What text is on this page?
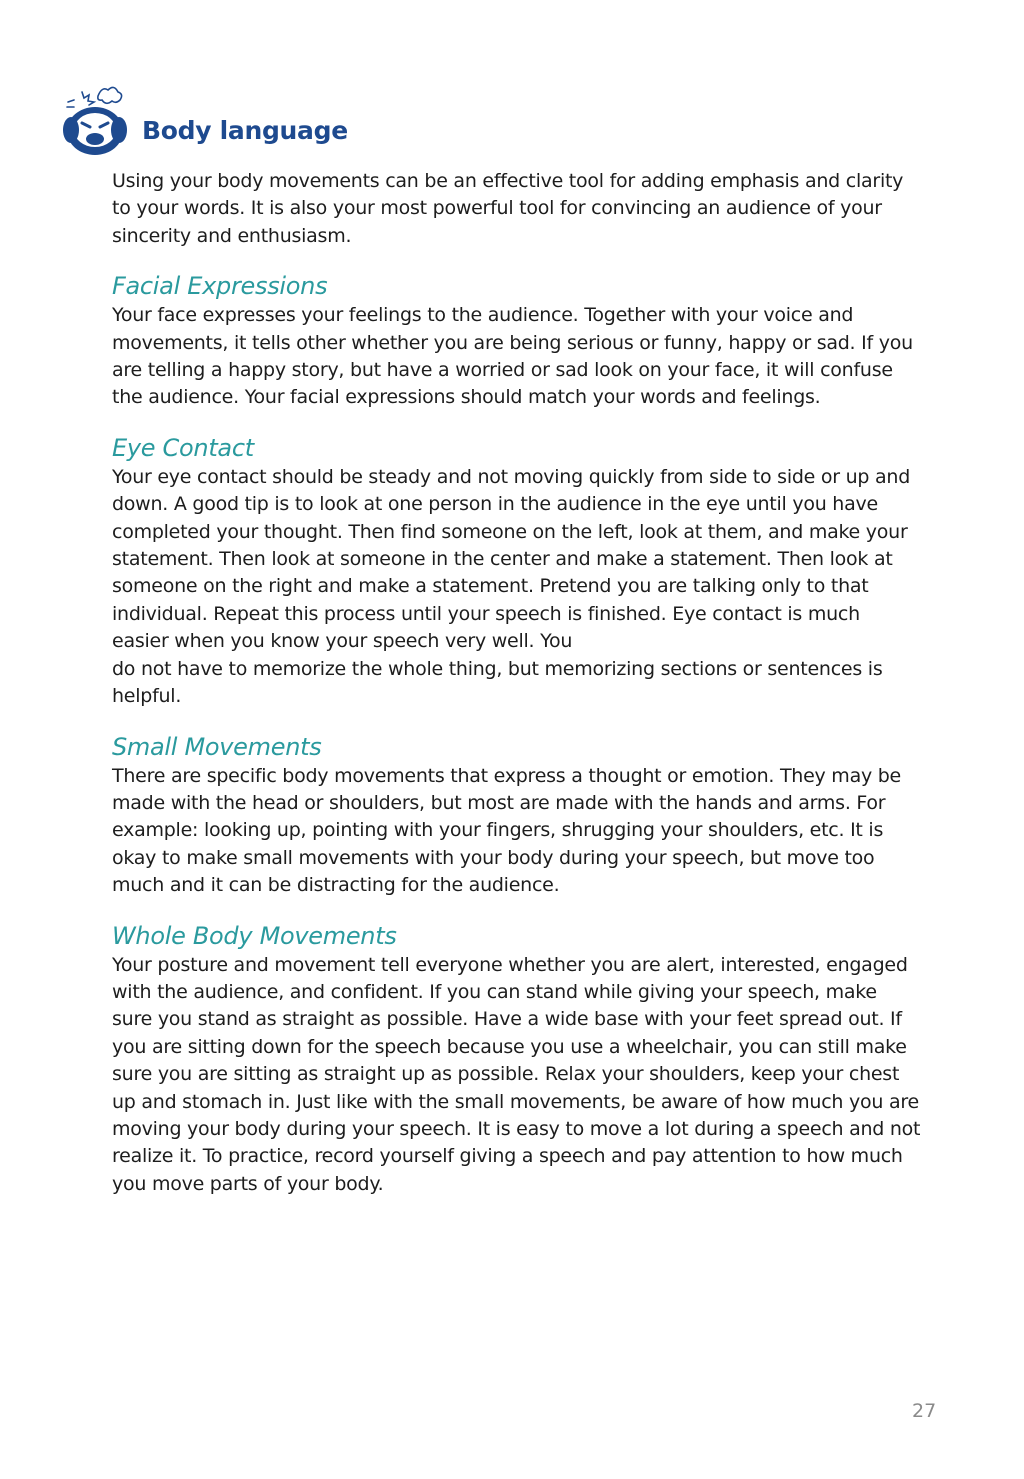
Body language

Using your body movements can be an effective tool for adding emphasis and clarity to your words. It is also your most powerful tool for convincing an audience of your sincerity and enthusiasm.

Facial Expressions

Your face expresses your feelings to the audience. Together with your voice and movements, it tells other whether you are being serious or funny, happy or sad. If you are telling a happy story, but have a worried or sad look on your face, it will confuse the audience. Your facial expressions should match your words and feelings.

Eye Contact

Your eye contact should be steady and not moving quickly from side to side or up and down. A good tip is to look at one person in the audience in the eye until you have completed your thought. Then find someone on the left, look at them, and make your statement. Then look at someone in the center and make a statement. Then look at someone on the right and make a statement. Pretend you are talking only to that individual. Repeat this process until your speech is finished. Eye contact is much easier when you know your speech very well. You

do not have to memorize the whole thing, but memorizing sections or sentences is helpful.

Small Movements

There are specific body movements that express a thought or emotion. They may be made with the head or shoulders, but most are made with the hands and arms. For example: looking up, pointing with your fingers, shrugging your shoulders, etc. It is okay to make small movements with your body during your speech, but move too much and it can be distracting for the audience.

Whole Body Movements

Your posture and movement tell everyone whether you are alert, interested, engaged with the audience, and confident. If you can stand while giving your speech, make sure you stand as straight as possible. Have a wide base with your feet spread out. If you are sitting down for the speech because you use a wheelchair, you can still make sure you are sitting as straight up as possible. Relax your shoulders, keep your chest up and stomach in. Just like with the small movements, be aware of how much you are moving your body during your speech. It is easy to move a lot during a speech and not realize it. To practice, record yourself giving a speech and pay attention to how much you move parts of your body.

27
